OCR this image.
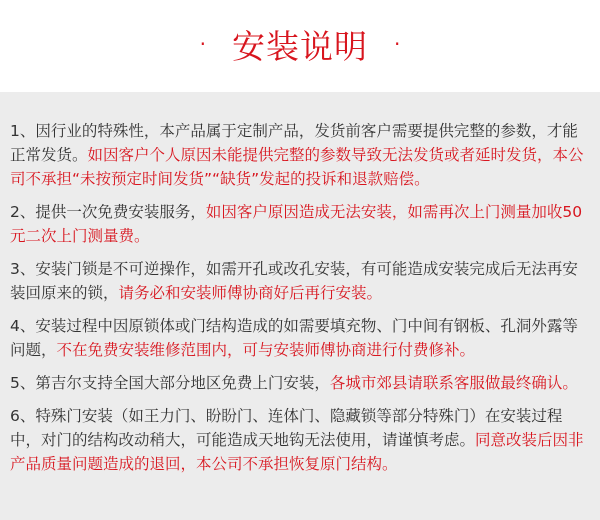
· 安装说明 ·

1、因行业的特殊性，本产品属于定制产品，发货前客户需要提供完整的参数，才能正常发货。如因客户个人原因未能提供完整的参数导致无法发货或者延时发货，本公司不承担“未按预定时间发货”“缺货”发起的投诉和退款赔偿。

2、提供一次免费安装服务，如因客户原因造成无法安装，如需再次上门测量加收50元二次上门测量费。

3、安装门锁是不可逆操作，如需开孔或改孔安装，有可能造成安装完成后无法再安装回原来的锁，请务必和安装师傅协商好后再行安装。

4、安装过程中因原锁体或门结构造成的如需要填充物、门中间有钢板、孔洞外露等问题，不在免费安装维修范围内，可与安装师傅协商进行付费修补。

5、第吉尔支持全国大部分地区免费上门安装，各城市郊县请联系客服做最终确认。

6、特殊门安装（如王力门、盼盼门、连体门、隐藏锁等部分特殊门）在安装过程中，对门的结构改动稍大，可能造成天地钩无法使用，请谨慎考虑。同意改装后因非产品质量问题造成的退回，本公司不承担恢复原门结构。
